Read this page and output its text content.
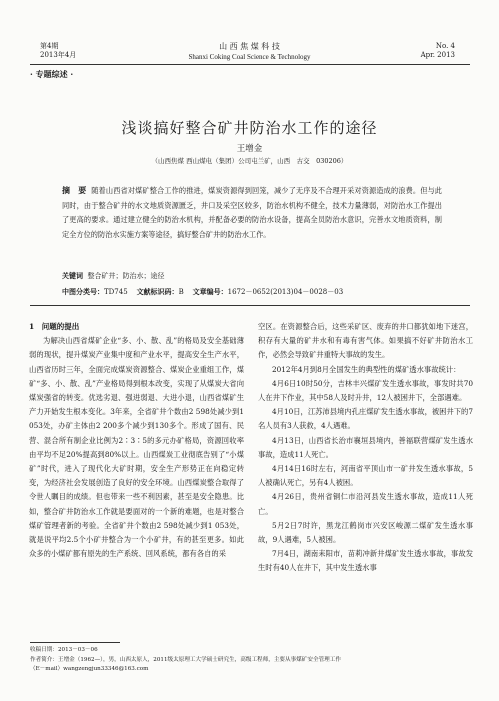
第4期
2013年4月
山 西 焦 煤 科 技
Shanxi Coking Coal Science & Technology
No. 4
Apr. 2013
· 专题综述 ·
浅谈搞好整合矿井防治水工作的途径
王增金
（山西焦煤 西山煤电（集团）公司屯兰矿，山西　古交　030206）
摘　要 随着山西省对煤矿整合工作的推进，煤炭资源得到回笼，减少了无序及不合理开采对资源造成的浪费。但与此同时，由于整合矿井的水文地质资源匮乏，井口及采空区较多，防治水机构不健全，技术力量薄弱，对防治水工作提出了更高的要求。通过建立健全的防治水机构，并配备必要的防治水设备，提高全员防治水意识，完善水文地质资料，制定全方位的防治水实施方案等途径，搞好整合矿井的防治水工作。
关键词 整合矿井；防治水；途径
中图分类号：TD745 文献标识码：B 文章编号：1672－0652(2013)04－0028－03
1　问题的提出

为解决山西省煤矿企业“多、小、散、乱”的格局及安全基础薄弱的现状，提升煤炭产业集中度和产业水平，提高安全生产水平，山西省历时三年，全面完成煤炭资源整合、煤炭企业重组工作，煤矿“多、小、散、乱”产业格局得到根本改变，实现了从煤炭大省向煤炭强省的转变。优选劣退、强进弱退、大进小退，山西省煤矿生产力开始发生根本变化。3年来，全省矿井个数由2 598处减少到1 053处，办矿主体由2 200多个减少到130多个。形成了国有、民营、混合所有制企业比例为2∶3∶5的多元办矿格局，资源回收率由平均不足20%提高到80%以上。山西煤炭工业彻底告别了“小煤矿”时代，进入了现代化大矿时期，安全生产形势正在向稳定转变，为经济社会发展创造了良好的安全环境。山西煤炭整合取得了令世人瞩目的成绩。但也带来一些不利因素，甚至是安全隐患。比如，整合矿井防治水工作就是要面对的一个新的难题，也是对整合煤矿管理者新的考验。全省矿井个数由2 598处减少到1 053处，就是说平均2.5个小矿井整合为一个小矿井，有的甚至更多。如此众多的小煤矿都有原先的生产系统、回风系统，都有各自的采

空区。在资源整合后，这些采矿区、废弃的井口都犹如地下迷宫，积存有大量的矿井水和有毒有害气体。如果搞不好矿井防治水工作，必然会导致矿井重特大事故的发生。

2012年4月到8月全国发生的典型性的煤矿透水事故统计：

4月6日10时50分，吉林丰兴煤矿发生透水事故，事发时共70人在井下作业，其中58人及时升井，12人被困井下，全部遇难。

4月10日，江苏沛县境内孔庄煤矿发生透水事故，被困井下的7名人员有3人获救，4人遇难。

4月13日，山西省长治市襄垣县境内，善福联营煤矿发生透水事故，造成11人死亡。

4月14日16时左右，河南省平顶山市一矿井发生透水事故，5人被确认死亡，另有4人被困。

4月26日，贵州省铜仁市沿河县发生透水事故，造成11人死亡。

5月2日7时许，黑龙江鹤岗市兴安区峻源二煤矿发生透水事故，9人遇难，5人被困。

7月4日，湖南耒阳市，苗莉冲新井煤矿发生透水事故，事故发生时有40人在井下，其中发生透水事

收稿日期：2013－03－06
作者简介：王增金（1962—），男，山西太原人，2011级太原理工大学硕士研究生，高级工程师，主要从事煤矿安全管理工作
（E－mail）wangzengjun33346@163.com
